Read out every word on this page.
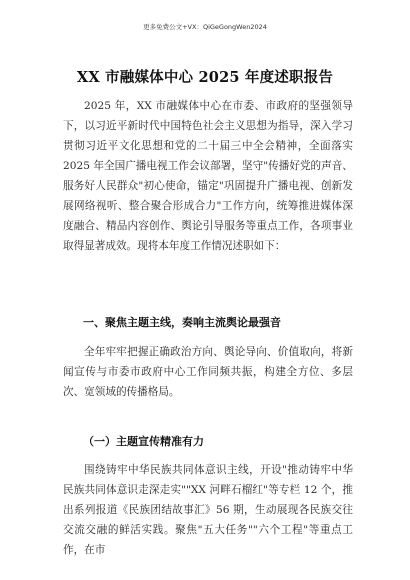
更多免费公文+VX：QiGeGongWen2024
XX 市融媒体中心 2025 年度述职报告

2025 年，XX 市融媒体中心在市委、市政府的坚强领导下，以习近平新时代中国特色社会主义思想为指导，深入学习贯彻习近平文化思想和党的二十届三中全会精神，全面落实 2025 年全国广播电视工作会议部署，坚守"传播好党的声音、服务好人民群众"初心使命，锚定"巩固提升广播电视、创新发展网络视听、整合聚合形成合力"工作方向，统筹推进媒体深度融合、精品内容创作、舆论引导服务等重点工作，各项事业取得显著成效。现将本年度工作情况述职如下：

一、聚焦主题主线，奏响主流舆论最强音

全年牢牢把握正确政治方向、舆论导向、价值取向，将新闻宣传与市委市政府中心工作同频共振，构建全方位、多层次、宽领域的传播格局。

（一）主题宣传精准有力

围绕铸牢中华民族共同体意识主线，开设"推动铸牢中华民族共同体意识走深走实""XX 河畔石榴红"等专栏 12 个，推出系列报道《民族团结故事汇》56 期，生动展现各民族交往交流交融的鲜活实践。聚焦"五大任务""六个工程"等重点工作，在市
